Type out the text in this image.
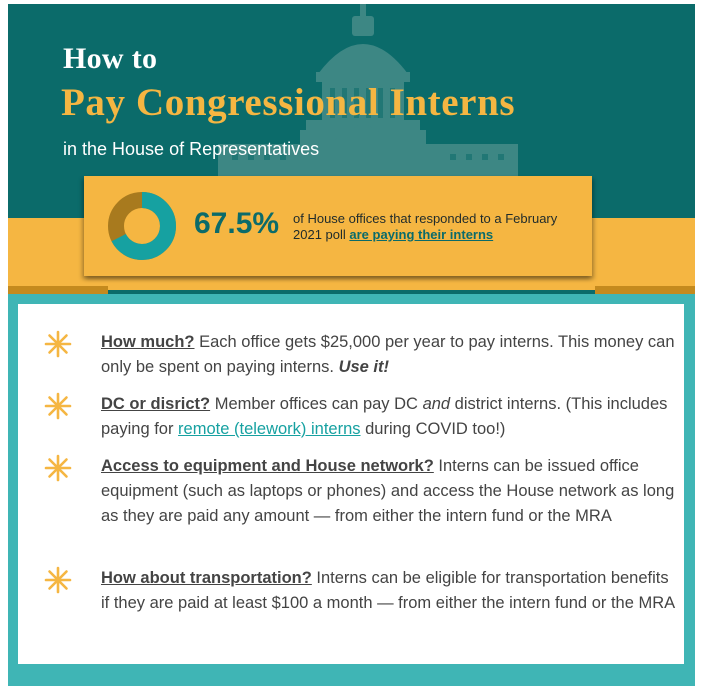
How to
Pay Congressional Interns
in the House of Representatives
67.5% of House offices that responded to a February 2021 poll are paying their interns
How much? Each office gets $25,000 per year to pay interns. This money can only be spent on paying interns. Use it!
DC or disrict? Member offices can pay DC and district interns. (This includes paying for remote (telework) interns during COVID too!)
Access to equipment and House network? Interns can be issued office equipment (such as laptops or phones) and access the House network as long as they are paid any amount — from either the intern fund or the MRA
How about transportation? Interns can be eligible for transportation benefits if they are paid at least $100 a month — from either the intern fund or the MRA
